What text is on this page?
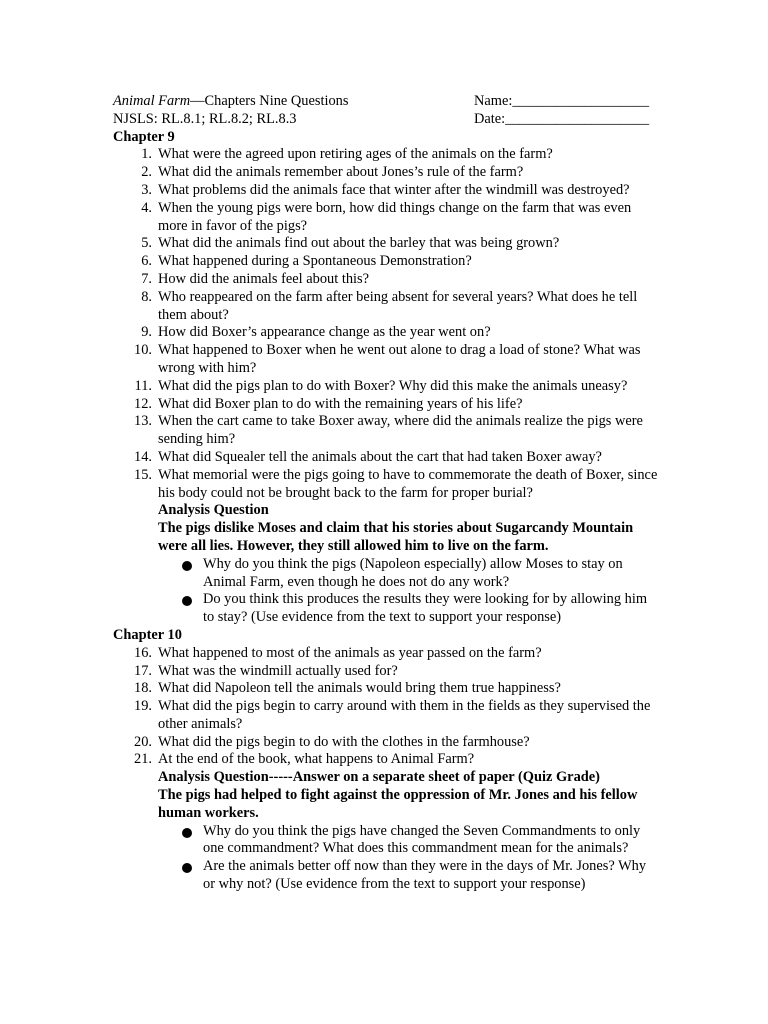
Animal Farm—Chapters Nine Questions	Name:___________________
NJSLS: RL.8.1; RL.8.2; RL.8.3	Date:____________________
Chapter 9
1. What were the agreed upon retiring ages of the animals on the farm?
2. What did the animals remember about Jones’s rule of the farm?
3. What problems did the animals face that winter after the windmill was destroyed?
4. When the young pigs were born, how did things change on the farm that was even more in favor of the pigs?
5. What did the animals find out about the barley that was being grown?
6. What happened during a Spontaneous Demonstration?
7. How did the animals feel about this?
8. Who reappeared on the farm after being absent for several years? What does he tell them about?
9. How did Boxer’s appearance change as the year went on?
10. What happened to Boxer when he went out alone to drag a load of stone? What was wrong with him?
11. What did the pigs plan to do with Boxer? Why did this make the animals uneasy?
12. What did Boxer plan to do with the remaining years of his life?
13. When the cart came to take Boxer away, where did the animals realize the pigs were sending him?
14. What did Squealer tell the animals about the cart that had taken Boxer away?
15. What memorial were the pigs going to have to commemorate the death of Boxer, since his body could not be brought back to the farm for proper burial?
Analysis Question
The pigs dislike Moses and claim that his stories about Sugarcandy Mountain were all lies. However, they still allowed him to live on the farm.
Why do you think the pigs (Napoleon especially) allow Moses to stay on Animal Farm, even though he does not do any work?
Do you think this produces the results they were looking for by allowing him to stay? (Use evidence from the text to support your response)
Chapter 10
16. What happened to most of the animals as year passed on the farm?
17. What was the windmill actually used for?
18. What did Napoleon tell the animals would bring them true happiness?
19. What did the pigs begin to carry around with them in the fields as they supervised the other animals?
20. What did the pigs begin to do with the clothes in the farmhouse?
21. At the end of the book, what happens to Animal Farm?
Analysis Question-----Answer on a separate sheet of paper (Quiz Grade)
The pigs had helped to fight against the oppression of Mr. Jones and his fellow human workers.
Why do you think the pigs have changed the Seven Commandments to only one commandment? What does this commandment mean for the animals?
Are the animals better off now than they were in the days of Mr. Jones? Why or why not? (Use evidence from the text to support your response)
